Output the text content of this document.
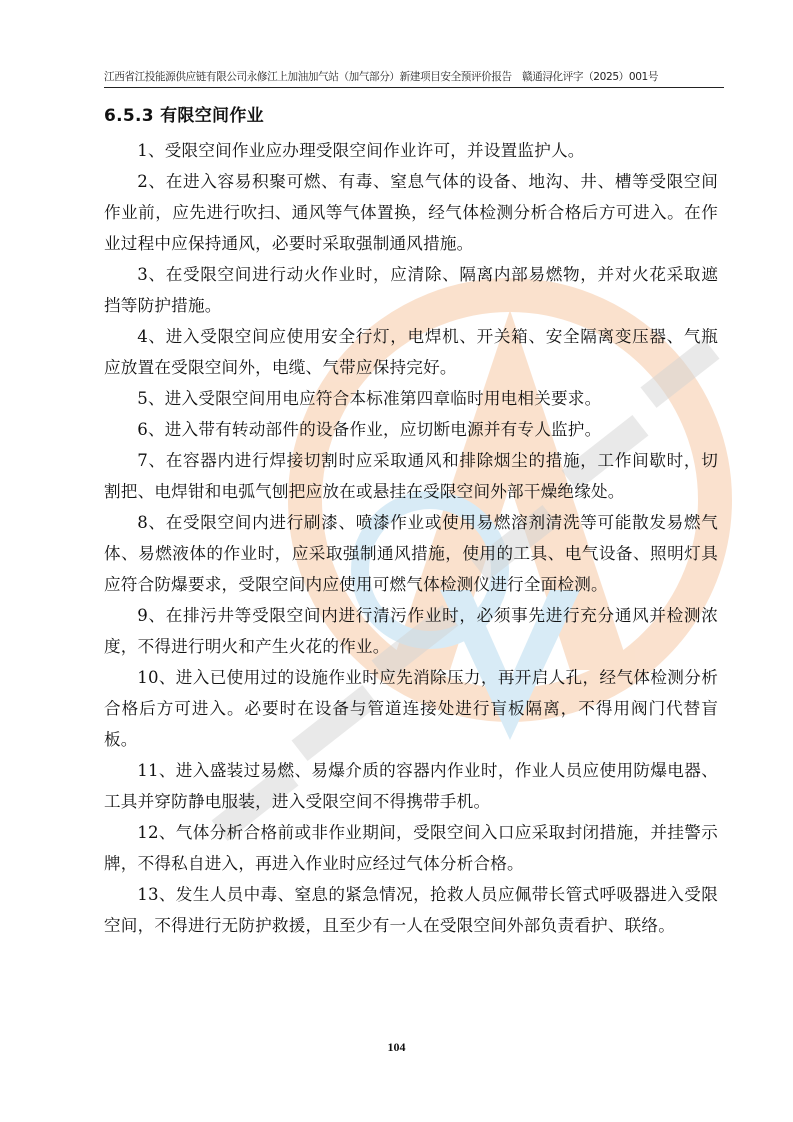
江西省江投能源供应链有限公司永修江上加油加气站（加气部分）新建项目安全预评价报告　赣通浔化评字（2025）001号
6.5.3 有限空间作业

1、受限空间作业应办理受限空间作业许可，并设置监护人。

2、在进入容易积聚可燃、有毒、窒息气体的设备、地沟、井、槽等受限空间作业前，应先进行吹扫、通风等气体置换，经气体检测分析合格后方可进入。在作业过程中应保持通风，必要时采取强制通风措施。

3、在受限空间进行动火作业时，应清除、隔离内部易燃物，并对火花采取遮挡等防护措施。

4、进入受限空间应使用安全行灯，电焊机、开关箱、安全隔离变压器、气瓶应放置在受限空间外，电缆、气带应保持完好。

5、进入受限空间用电应符合本标准第四章临时用电相关要求。

6、进入带有转动部件的设备作业，应切断电源并有专人监护。

7、在容器内进行焊接切割时应采取通风和排除烟尘的措施，工作间歇时，切割把、电焊钳和电弧气刨把应放在或悬挂在受限空间外部干燥绝缘处。

8、在受限空间内进行刷漆、喷漆作业或使用易燃溶剂清洗等可能散发易燃气体、易燃液体的作业时，应采取强制通风措施，使用的工具、电气设备、照明灯具应符合防爆要求，受限空间内应使用可燃气体检测仪进行全面检测。

9、在排污井等受限空间内进行清污作业时，必须事先进行充分通风并检测浓度，不得进行明火和产生火花的作业。

10、进入已使用过的设施作业时应先消除压力，再开启人孔，经气体检测分析合格后方可进入。必要时在设备与管道连接处进行盲板隔离，不得用阀门代替盲板。

11、进入盛装过易燃、易爆介质的容器内作业时，作业人员应使用防爆电器、工具并穿防静电服装，进入受限空间不得携带手机。

12、气体分析合格前或非作业期间，受限空间入口应采取封闭措施，并挂警示牌，不得私自进入，再进入作业时应经过气体分析合格。

13、发生人员中毒、窒息的紧急情况，抢救人员应佩带长管式呼吸器进入受限空间，不得进行无防护救援，且至少有一人在受限空间外部负责看护、联络。

104
